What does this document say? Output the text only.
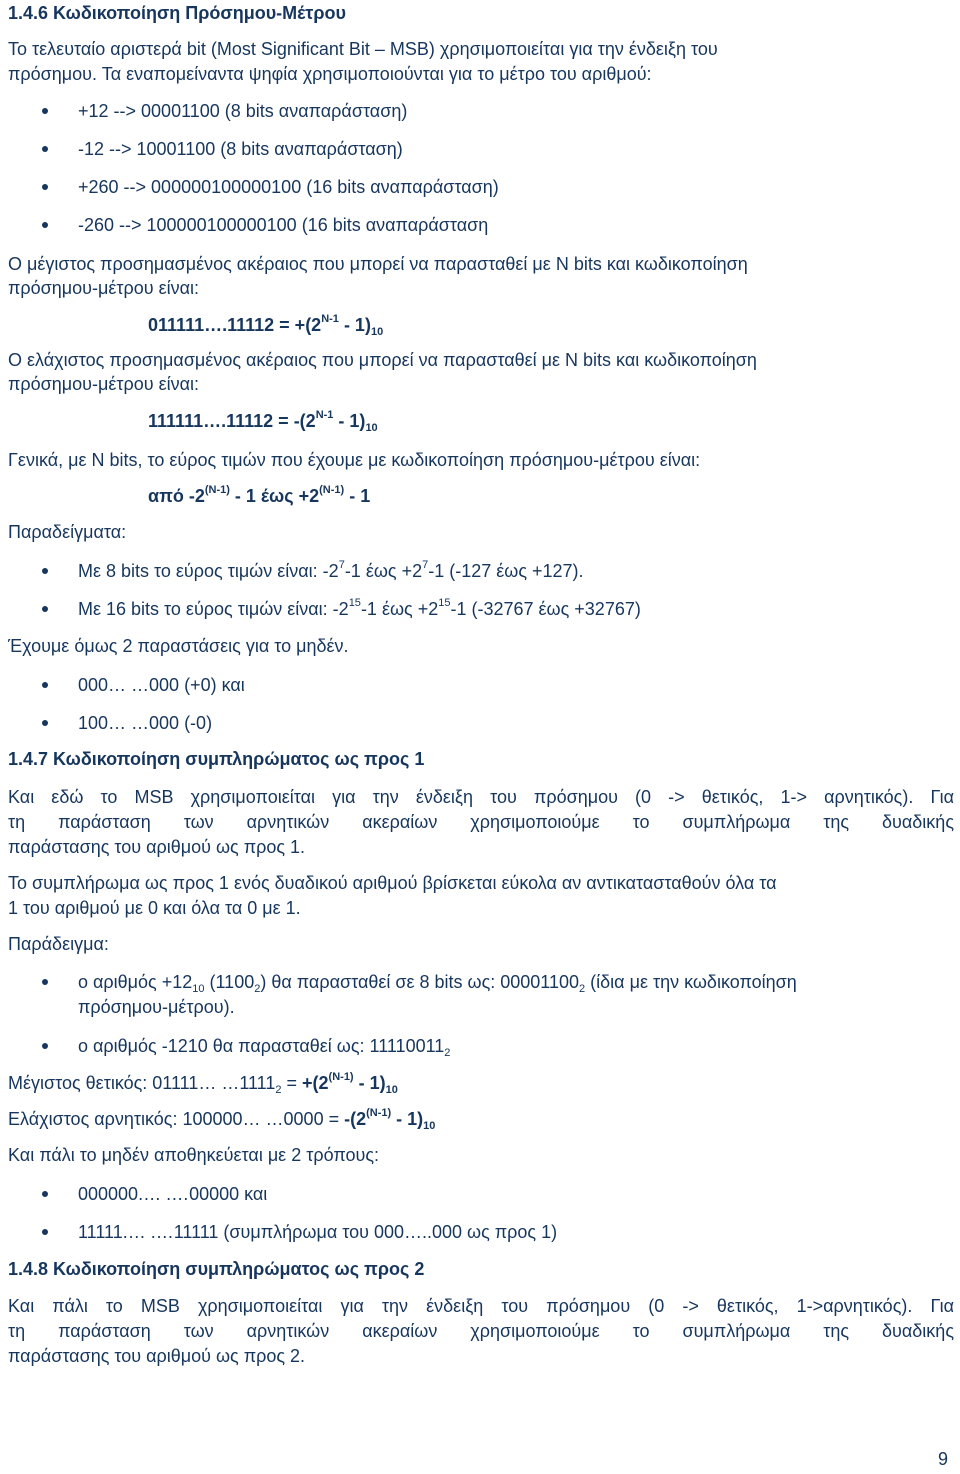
1.4.6 Κωδικοποίηση Πρόσημου-Μέτρου
Το τελευταίο αριστερά bit (Most Significant Bit – MSB) χρησιμοποιείται για την ένδειξη του
πρόσημου. Τα εναπομείναντα ψηφία χρησιμοποιούνται για το μέτρο του αριθμού:
+12 --> 00001100 (8 bits αναπαράσταση)
-12 --> 10001100 (8 bits αναπαράσταση)
+260 --> 000000100000100 (16 bits αναπαράσταση)
-260 --> 100000100000100 (16 bits αναπαράσταση
Ο μέγιστος προσημασμένος ακέραιος που μπορεί να παρασταθεί με N bits και κωδικοποίηση
πρόσημου-μέτρου είναι:
011111….11112 = $+(2^{N-1} - 1)_{10}$
Ο ελάχιστος προσημασμένος ακέραιος που μπορεί να παρασταθεί με N bits και κωδικοποίηση
πρόσημου-μέτρου είναι:
111111….11112 = $-(2^{N-1} - 1)_{10}$
Γενικά, με N bits, το εύρος τιμών που έχουμε με κωδικοποίηση πρόσημου-μέτρου είναι:
από $-2^{(N-1)} - 1$ $έ\omega\varsigma +2^{(N-1)} - 1$
Παραδείγματα:
Με 8 bits το εύρος τιμών είναι: $-2^7-1$ $έ\omega\varsigma +2^7-1$ (-127 έως +127).
Με 16 bits το εύρος τιμών είναι: $-2^{15}-1$ $έ\omega\varsigma +2^{15}-1$ (-32767 έως +32767)
Έχουμε όμως 2 παραστάσεις για το μηδέν.
000… …000 (+0) και
100… …000 (-0)
1.4.7 Κωδικοποίηση συμπληρώματος ως προς 1
Και εδώ το MSB χρησιμοποιείται για την ένδειξη του πρόσημου (0 -> θετικός, 1-> αρνητικός). Για
τη παράσταση των αρνητικών ακεραίων χρησιμοποιούμε το συμπλήρωμα της δυαδικής
παράστασης του αριθμού ως προς 1.
Το συμπλήρωμα ως προς 1 ενός δυαδικού αριθμού βρίσκεται εύκολα αν αντικατασταθούν όλα τα
1 του αριθμού με 0 και όλα τα 0 με 1.
Παράδειγμα:
ο $\alpha\rho\iota\theta\mu ό\varsigma +12_{10}$ $(1100_2)$ θα παρασταθεί σε 8 bits ως: $00001100_2$ (ίδια με την κωδικοποίηση
πρόσημου-μέτρου).
ο αριθμός -1210 θα παρασταθεί ως: $11110011_2$
Μέγιστος θετικός: 01111… $\dots 1111_2 = +(2^{(N-1)} - 1)_{10}$
Ελάχιστος αρνητικός: 100000… …0000 = $-(2^{(N-1)} - 1)_{10}$
Και πάλι το μηδέν αποθηκεύεται με 2 τρόπους:
000000.… .…00000 και
11111.… .…11111 (συμπλήρωμα του 000…..000 ως προς 1)
1.4.8 Κωδικοποίηση συμπληρώματος ως προς 2
Και πάλι το MSB χρησιμοποιείται για την ένδειξη του πρόσημου (0 -> θετικός, 1->αρνητικός). Για
τη παράσταση των αρνητικών ακεραίων χρησιμοποιούμε το συμπλήρωμα της δυαδικής
παράστασης του αριθμού ως προς 2.
9
